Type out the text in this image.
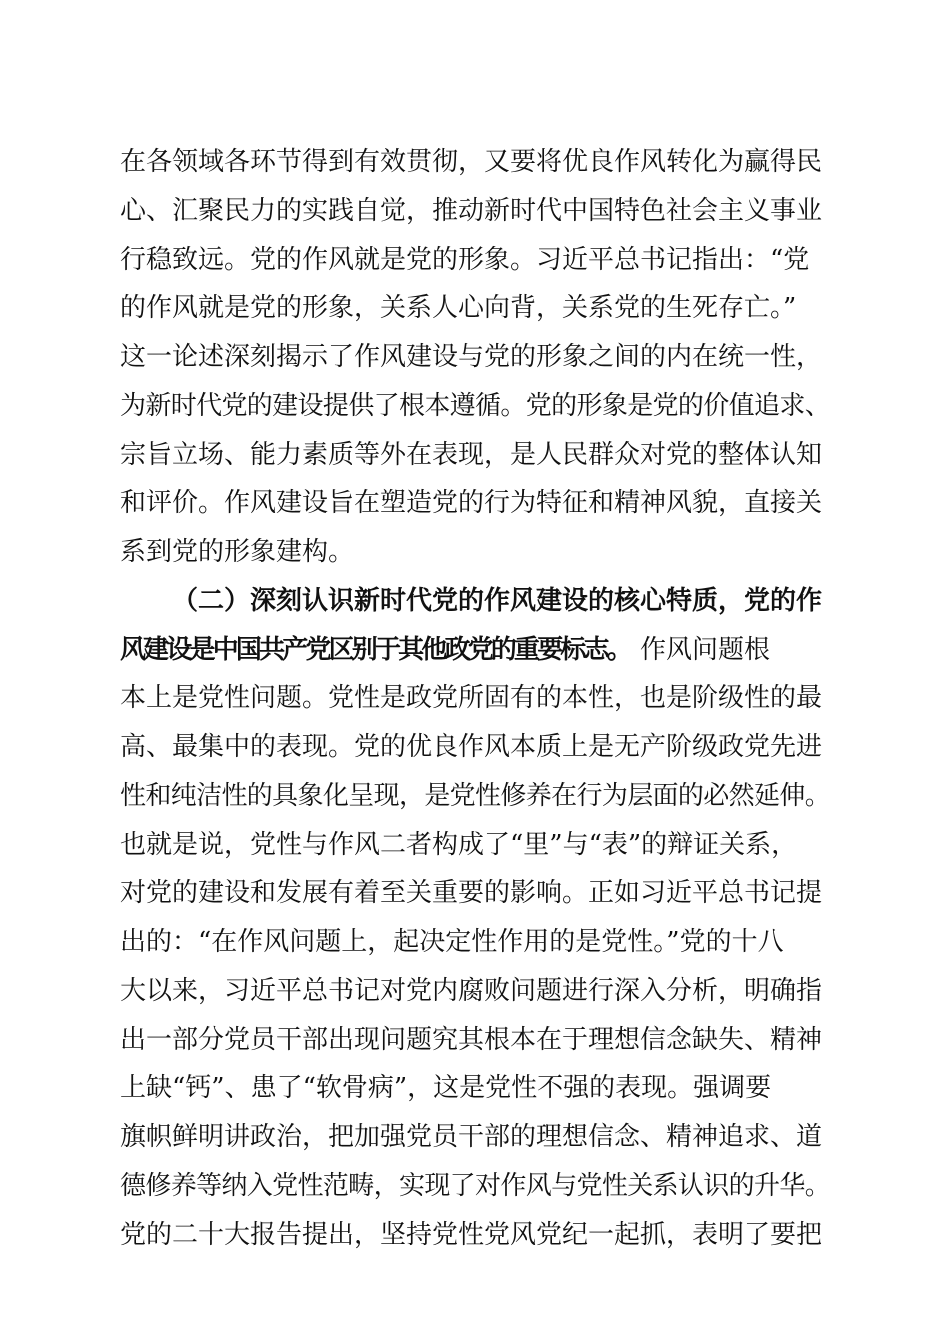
在各领域各环节得到有效贯彻，又要将优良作风转化为赢得民
心、汇聚民力的实践自觉，推动新时代中国特色社会主义事业
行稳致远。党的作风就是党的形象。习近平总书记指出：“党
的作风就是党的形象，关系人心向背，关系党的生死存亡。”
这一论述深刻揭示了作风建设与党的形象之间的内在统一性，
为新时代党的建设提供了根本遵循。党的形象是党的价值追求、
宗旨立场、能力素质等外在表现，是人民群众对党的整体认知
和评价。作风建设旨在塑造党的行为特征和精神风貌，直接关
系到党的形象建构。
（二）深刻认识新时代党的作风建设的核心特质，党的作
风建设是中国共产党区别于其他政党的重要标志。 作风问题根
本上是党性问题。党性是政党所固有的本性，也是阶级性的最
高、最集中的表现。党的优良作风本质上是无产阶级政党先进
性和纯洁性的具象化呈现，是党性修养在行为层面的必然延伸。
也就是说，党性与作风二者构成了“里”与“表”的辩证关系，
对党的建设和发展有着至关重要的影响。正如习近平总书记提
出的：“在作风问题上，起决定性作用的是党性。”党的十八
大以来，习近平总书记对党内腐败问题进行深入分析，明确指
出一部分党员干部出现问题究其根本在于理想信念缺失、精神
上缺“钙”、患了“软骨病”，这是党性不强的表现。强调要
旗帜鲜明讲政治，把加强党员干部的理想信念、精神追求、道
德修养等纳入党性范畴，实现了对作风与党性关系认识的升华。
党的二十大报告提出，坚持党性党风党纪一起抓，表明了要把
